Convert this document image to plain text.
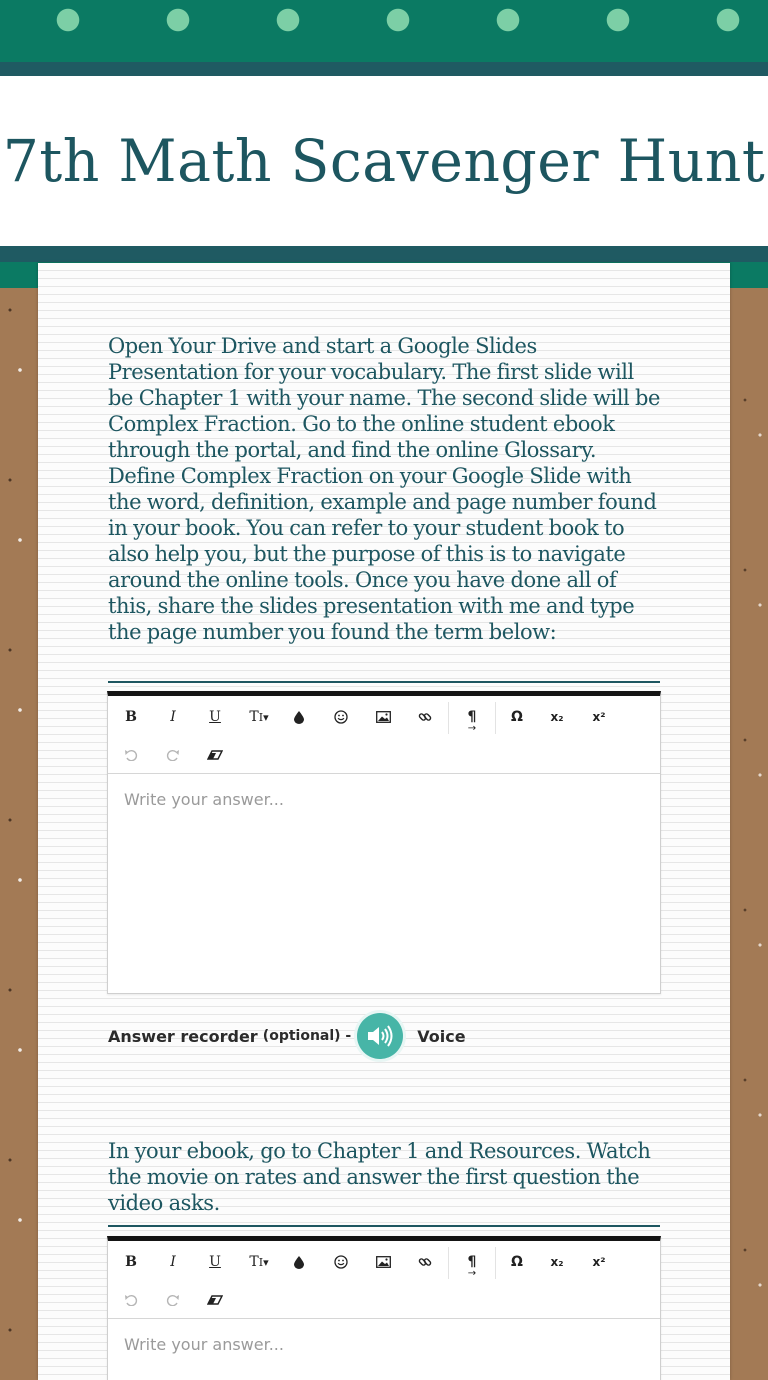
7th Math Scavenger Hunt
Open Your Drive and start a Google Slides Presentation for your vocabulary. The first slide will be Chapter 1 with your name. The second slide will be Complex Fraction. Go to the online student ebook through the portal, and find the online Glossary. Define Complex Fraction on your Google Slide with the word, definition, example and page number found in your book. You can refer to your student book to also help you, but the purpose of this is to navigate around the online tools. Once you have done all of this, share the slides presentation with me and type the page number you found the term below:
B	I	U	T I▾	¶
→
Ω	x₂	x²
Write your answer...
Answer recorder
(optional) -	Voice
In your ebook, go to Chapter 1 and Resources. Watch the movie on rates and answer the first question the video asks.
B	I	U	T I▾	¶
→
Ω	x₂	x²
Write your answer...
